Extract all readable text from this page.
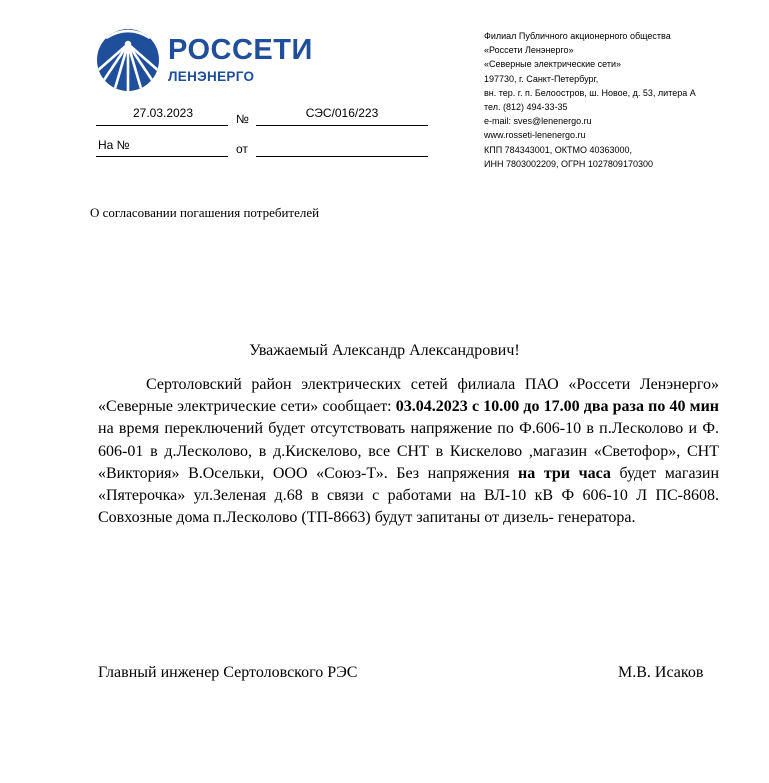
РОССЕТИ
ЛЕНЭНЕРГО
Филиал Публичного акционерного общества
«Россети Ленэнерго»
«Северные электрические сети»
197730, г. Санкт-Петербург,
вн. тер. г. п. Белоостров, ш. Новое, д. 53, литера А
тел. (812) 494-33-35
e-mail: sves@lenenergo.ru
www.rosseti-lenenergo.ru
КПП 784343001, ОКТМО 40363000,
ИНН 7803002209, ОГРН 1027809170300
27.03.2023	№	СЭС/016/223
На №	от
О согласовании погашения потребителей
Уважаемый Александр Александрович!
Сертоловский район электрических сетей филиала ПАО «Россети Ленэнерго» «Северные электрические сети» сообщает: 03.04.2023 с 10.00 до 17.00 два раза по 40 мин на время переключений будет отсутствовать напряжение по Ф.606-10 в п.Лесколово и Ф. 606-01 в д.Лесколово, в д.Кискелово, все СНТ в Кискелово ,магазин «Светофор», СНТ «Виктория» В.Осельки, ООО «Союз-Т». Без напряжения на три часа будет магазин «Пятерочка» ул.Зеленая д.68 в связи с работами на ВЛ-10 кВ Ф 606-10 Л ПС-8608. Совхозные дома п.Лесколово (ТП-8663) будут запитаны от дизель- генератора.
Главный инженер Сертоловского РЭС	М.В. Исаков
